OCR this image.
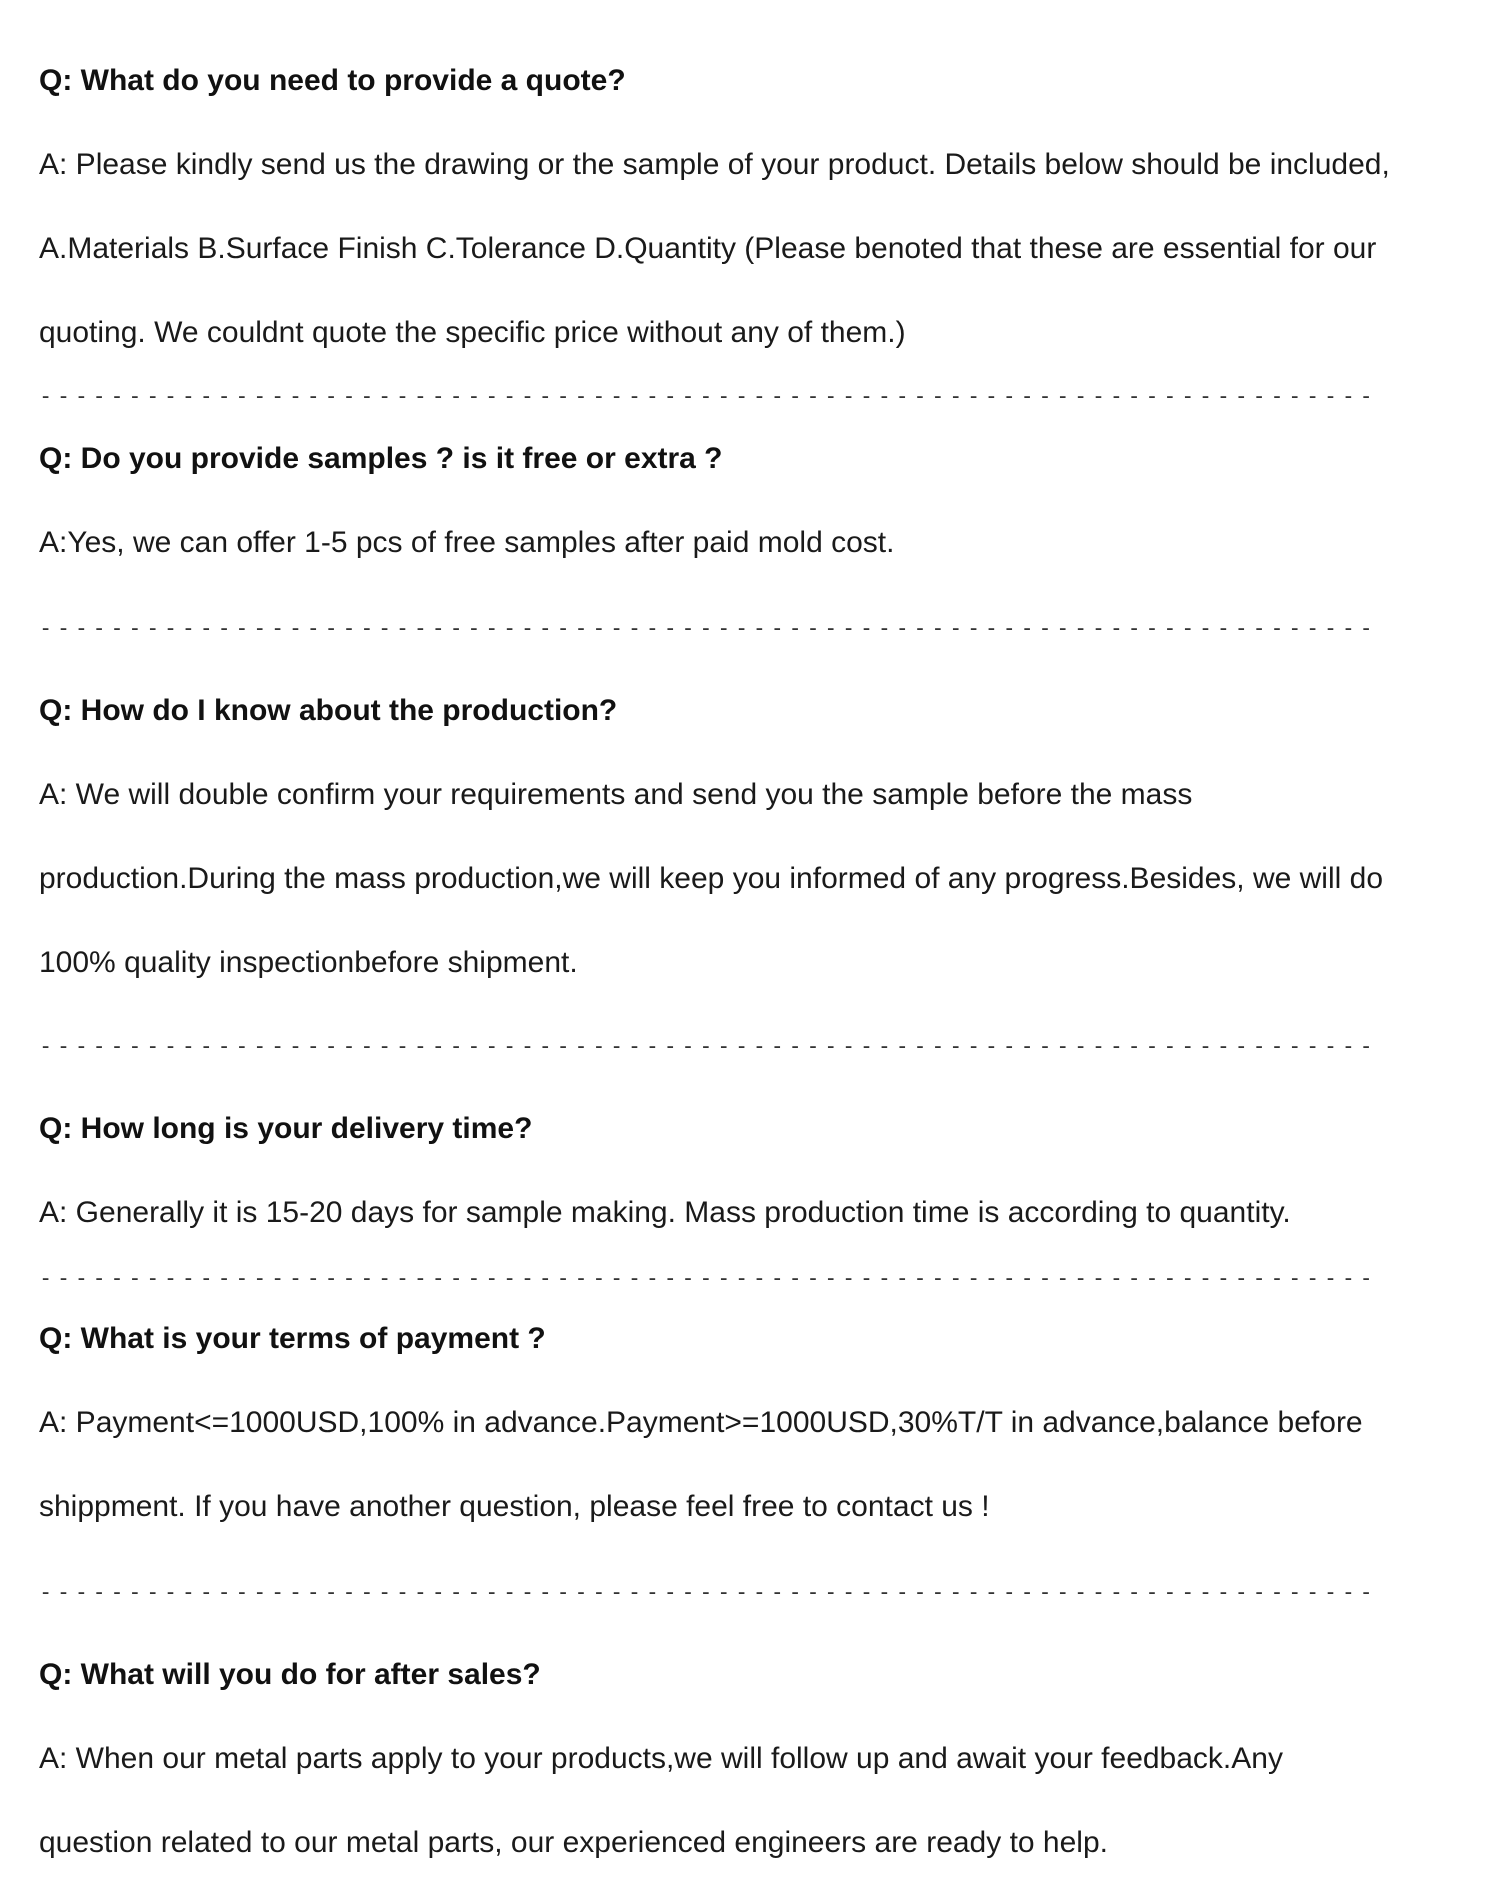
Q: What do you need to provide a quote?
A: Please kindly send us the drawing or the sample of your product. Details below should be included,
A.Materials B.Surface Finish C.Tolerance D.Quantity (Please benoted that these are essential for our
quoting. We couldnt quote the specific price without any of them.)
---------------------------------------------------------------------------
Q: Do you provide samples ? is it free or extra ?
A:Yes, we can offer 1-5 pcs of free samples after paid mold cost.
---------------------------------------------------------------------------
Q: How do I know about the production?
A: We will double confirm your requirements and send you the sample before the mass
production.During the mass production,we will keep you informed of any progress.Besides, we will do
100% quality inspectionbefore shipment.
---------------------------------------------------------------------------
Q: How long is your delivery time?
A: Generally it is 15-20 days for sample making. Mass production time is according to quantity.
---------------------------------------------------------------------------
Q: What is your terms of payment ?
A: Payment<=1000USD,100% in advance.Payment>=1000USD,30%T/T in advance,balance before
shippment. If you have another question, please feel free to contact us !
---------------------------------------------------------------------------
Q: What will you do for after sales?
A: When our metal parts apply to your products,we will follow up and await your feedback.Any
question related to our metal parts, our experienced engineers are ready to help.
